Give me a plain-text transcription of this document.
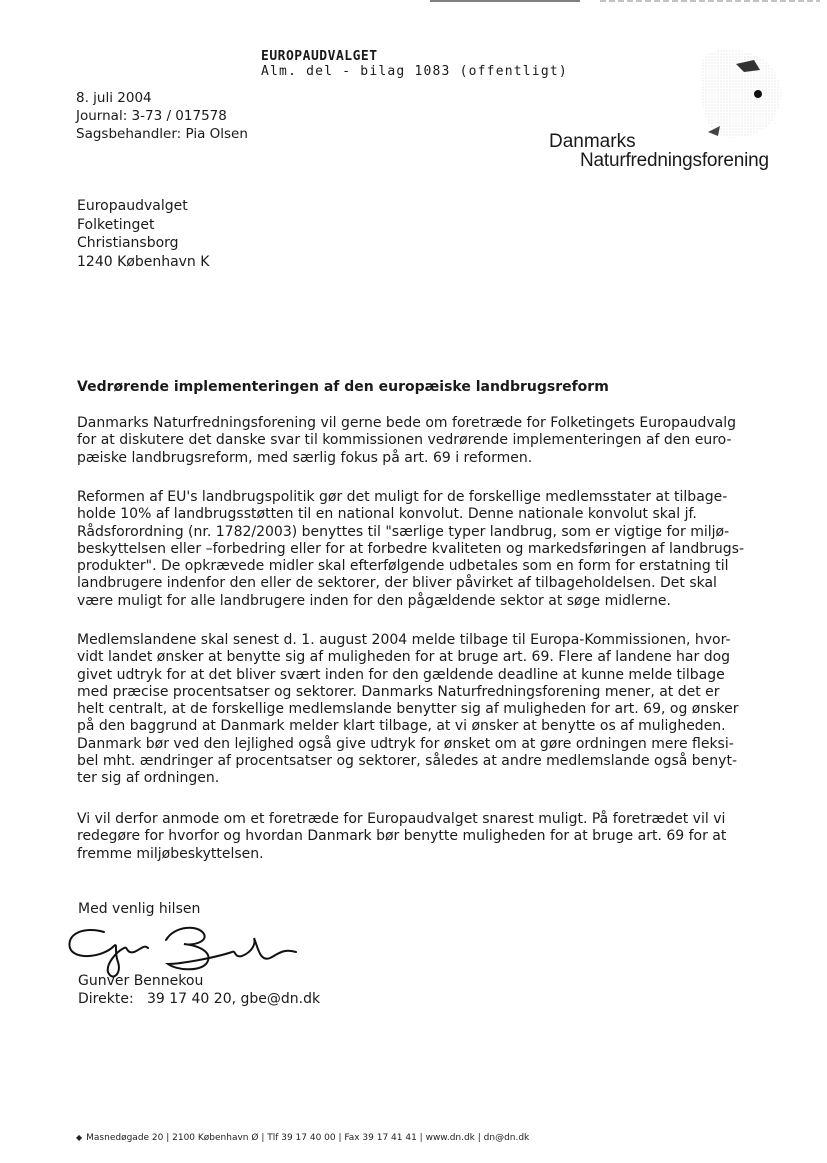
EUROPAUDVALGET
Alm. del - bilag 1083 (offentligt)
8. juli 2004
Journal: 3-73 / 017578
Sagsbehandler: Pia Olsen	Danmarks
Naturfredningsforening
Europaudvalget
Folketinget
Christiansborg
1240 København K
Vedrørende implementeringen af den europæiske landbrugsreform
Danmarks Naturfredningsforening vil gerne bede om foretræde for Folketingets Europaudvalg
for at diskutere det danske svar til kommissionen vedrørende implementeringen af den euro-
pæiske landbrugsreform, med særlig fokus på art. 69 i reformen.
Reformen af EU's landbrugspolitik gør det muligt for de forskellige medlemsstater at tilbage-
holde 10% af landbrugsstøtten til en national konvolut. Denne nationale konvolut skal jf.
Rådsforordning (nr. 1782/2003) benyttes til "særlige typer landbrug, som er vigtige for miljø-
beskyttelsen eller –forbedring eller for at forbedre kvaliteten og markedsføringen af landbrugs-
produkter". De opkrævede midler skal efterfølgende udbetales som en form for erstatning til
landbrugere indenfor den eller de sektorer, der bliver påvirket af tilbageholdelsen. Det skal
være muligt for alle landbrugere inden for den pågældende sektor at søge midlerne.
Medlemslandene skal senest d. 1. august 2004 melde tilbage til Europa-Kommissionen, hvor-
vidt landet ønsker at benytte sig af muligheden for at bruge art. 69. Flere af landene har dog
givet udtryk for at det bliver svært inden for den gældende deadline at kunne melde tilbage
med præcise procentsatser og sektorer. Danmarks Naturfredningsforening mener, at det er
helt centralt, at de forskellige medlemslande benytter sig af muligheden for art. 69, og ønsker
på den baggrund at Danmark melder klart tilbage, at vi ønsker at benytte os af muligheden.
Danmark bør ved den lejlighed også give udtryk for ønsket om at gøre ordningen mere fleksi-
bel mht. ændringer af procentsatser og sektorer, således at andre medlemslande også benyt-
ter sig af ordningen.
Vi vil derfor anmode om et foretræde for Europaudvalget snarest muligt. På foretrædet vil vi
redegøre for hvorfor og hvordan Danmark bør benytte muligheden for at bruge art. 69 for at
fremme miljøbeskyttelsen.
Med venlig hilsen
Gunver Bennekou
Direkte: 39 17 40 20, gbe@dn.dk
◆ Masnedøgade 20 | 2100 København Ø | Tlf 39 17 40 00 | Fax 39 17 41 41 | www.dn.dk | dn@dn.dk
